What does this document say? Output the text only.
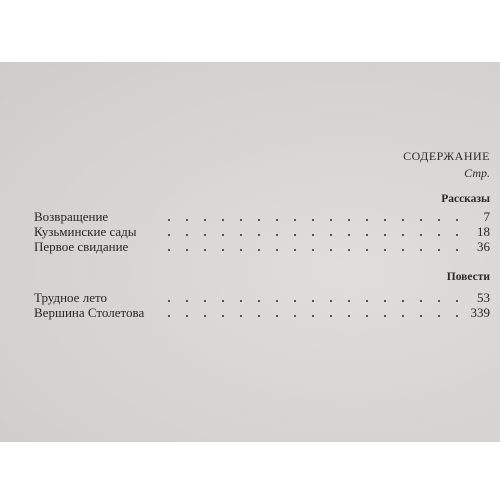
СОДЕРЖАНИЕ
Стр.
Рассказы
Возвращение	7
Кузьминские сады	18
Первое свидание	36
Повести
Трудное лето	53
Вершина Столетова	339
